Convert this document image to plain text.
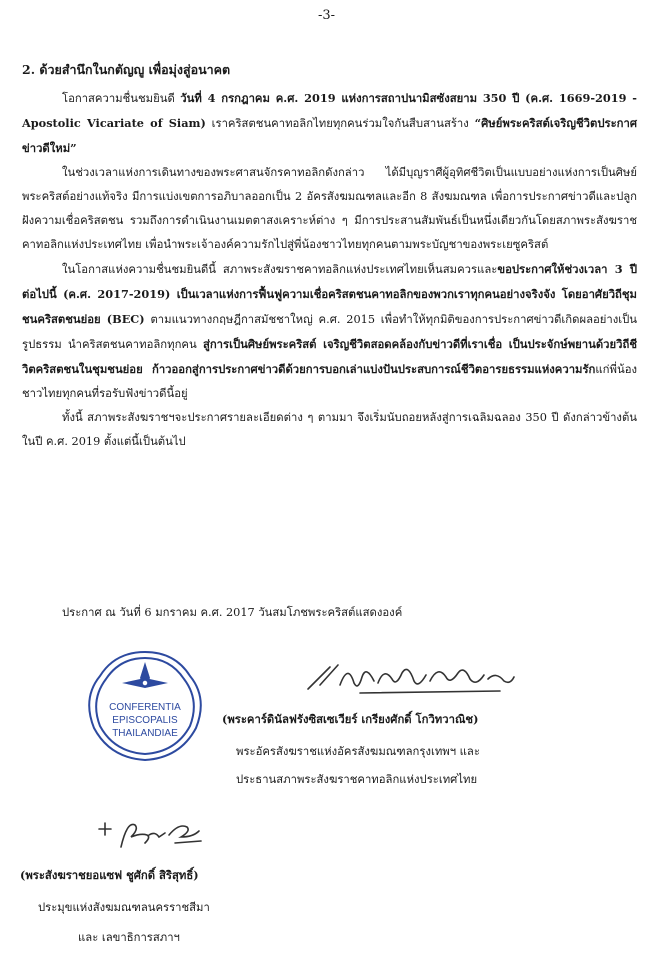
-3-
2. ด้วยสำนึกในกตัญญู เพื่อมุ่งสู่อนาคต

โอกาสความชื่นชมยินดี วันที่ 4 กรกฎาคม ค.ศ. 2019 แห่งการสถาปนามิสซังสยาม 350 ปี (ค.ศ. 1669-2019 - Apostolic Vicariate of Siam) เราคริสตชนคาทอลิกไทยทุกคนร่วมใจกันสืบสานสร้าง “ศิษย์พระคริสต์เจริญชีวิตประกาศข่าวดีใหม่”

ในช่วงเวลาแห่งการเดินทางของพระศาสนจักรคาทอลิกดังกล่าว ได้มีบุญราศีผู้อุทิศชีวิตเป็นแบบอย่างแห่งการเป็นศิษย์พระคริสต์อย่างแท้จริง มีการแบ่งเขตการอภิบาลออกเป็น 2 อัครสังฆมณฑลและอีก 8 สังฆมณฑล เพื่อการประกาศข่าวดีและปลูกฝังความเชื่อคริสตชน รวมถึงการดำเนินงานเมตตาสงเคราะห์ต่าง ๆ มีการประสานสัมพันธ์เป็นหนึ่งเดียวกันโดยสภาพระสังฆราชคาทอลิกแห่งประเทศไทย เพื่อนำพระเจ้าองค์ความรักไปสู่พี่น้องชาวไทยทุกคนตามพระบัญชาของพระเยซูคริสต์

ในโอกาสแห่งความชื่นชมยินดีนี้ สภาพระสังฆราชคาทอลิกแห่งประเทศไทยเห็นสมควรและขอประกาศให้ช่วงเวลา 3 ปีต่อไปนี้ (ค.ศ. 2017-2019) เป็นเวลาแห่งการฟื้นฟูความเชื่อคริสตชนคาทอลิกของพวกเราทุกคนอย่างจริงจัง โดยอาศัยวิถีชุมชนคริสตชนย่อย (BEC) ตามแนวทางกฤษฎีกาสมัชชาใหญ่ ค.ศ. 2015 เพื่อทำให้ทุกมิติของการประกาศข่าวดีเกิดผลอย่างเป็นรูปธรรม นำคริสตชนคาทอลิกทุกคน สู่การเป็นศิษย์พระคริสต์ เจริญชีวิตสอดคล้องกับข่าวดีที่เราเชื่อ เป็นประจักษ์พยานด้วยวิถีชีวิตคริสตชนในชุมชนย่อย ก้าวออกสู่การประกาศข่าวดีด้วยการบอกเล่าแบ่งปันประสบการณ์ชีวิตอารยธรรมแห่งความรักแก่พี่น้องชาวไทยทุกคนที่รอรับฟังข่าวดีนี้อยู่

ทั้งนี้ สภาพระสังฆราชฯจะประกาศรายละเอียดต่าง ๆ ตามมา จึงเริ่มนับถอยหลังสู่การเฉลิมฉลอง 350 ปี ดังกล่าวข้างต้น ในปี ค.ศ. 2019 ตั้งแต่นี้เป็นต้นไป

ประกาศ ณ วันที่ 6 มกราคม ค.ศ. 2017 วันสมโภชพระคริสต์แสดงองค์
CONFERENTIA
EPISCOPALIS
THAILANDIAE
(พระคาร์ดินัลฟรังซิสเซเวียร์ เกรียงศักดิ์ โกวิทวาณิช)
พระอัครสังฆราชแห่งอัครสังฆมณฑลกรุงเทพฯ และ
ประธานสภาพระสังฆราชคาทอลิกแห่งประเทศไทย
(พระสังฆราชยอแซฟ ชูศักดิ์ สิริสุทธิ์)
ประมุขแห่งสังฆมณฑลนครราชสีมา
และ เลขาธิการสภาฯ
